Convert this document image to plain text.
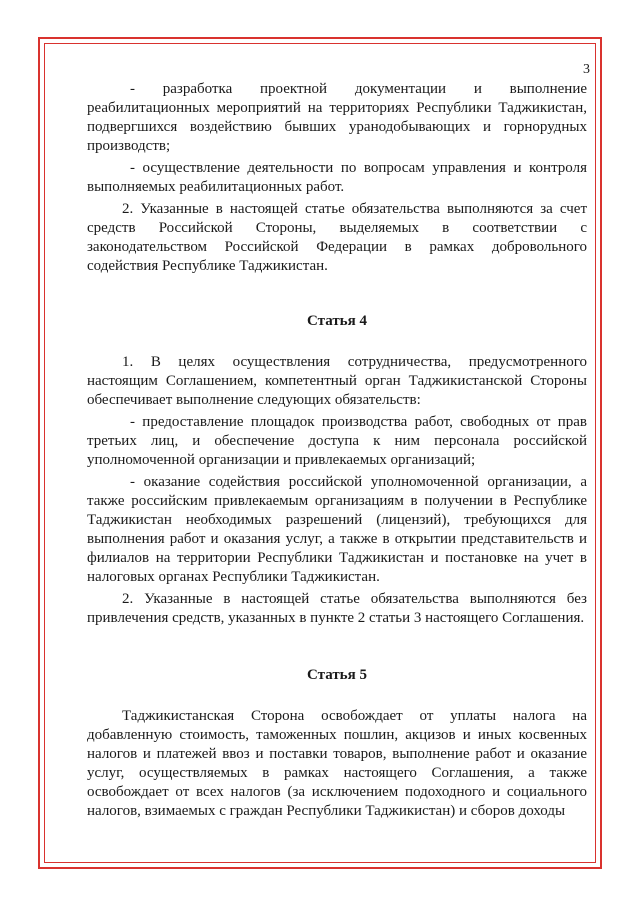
3

- разработка проектной документации и выполнение реабилитационных мероприятий на территориях Республики Таджикистан, подвергшихся воздействию бывших уранодобывающих и горнорудных производств;

- осуществление деятельности по вопросам управления и контроля выполняемых реабилитационных работ.

2. Указанные в настоящей статье обязательства выполняются за счет средств Российской Стороны, выделяемых в соответствии с законодательством Российской Федерации в рамках добровольного содействия Республике Таджикистан.

Статья 4

1. В целях осуществления сотрудничества, предусмотренного настоящим Соглашением, компетентный орган Таджикистанской Стороны обеспечивает выполнение следующих обязательств:

- предоставление площадок производства работ, свободных от прав третьих лиц, и обеспечение доступа к ним персонала российской уполномоченной организации и привлекаемых организаций;

- оказание содействия российской уполномоченной организации, а также российским привлекаемым организациям в получении в Республике Таджикистан необходимых разрешений (лицензий), требующихся для выполнения работ и оказания услуг, а также в открытии представительств и филиалов на территории Республики Таджикистан и постановке на учет в налоговых органах Республики Таджикистан.

2. Указанные в настоящей статье обязательства выполняются без привлечения средств, указанных в пункте 2 статьи 3 настоящего Соглашения.

Статья 5

Таджикистанская Сторона освобождает от уплаты налога на добавленную стоимость, таможенных пошлин, акцизов и иных косвенных налогов и платежей ввоз и поставки товаров, выполнение работ и оказание услуг, осуществляемых в рамках настоящего Соглашения, а также освобождает от всех налогов (за исключением подоходного и социального налогов, взимаемых с граждан Республики Таджикистан) и сборов доходы
